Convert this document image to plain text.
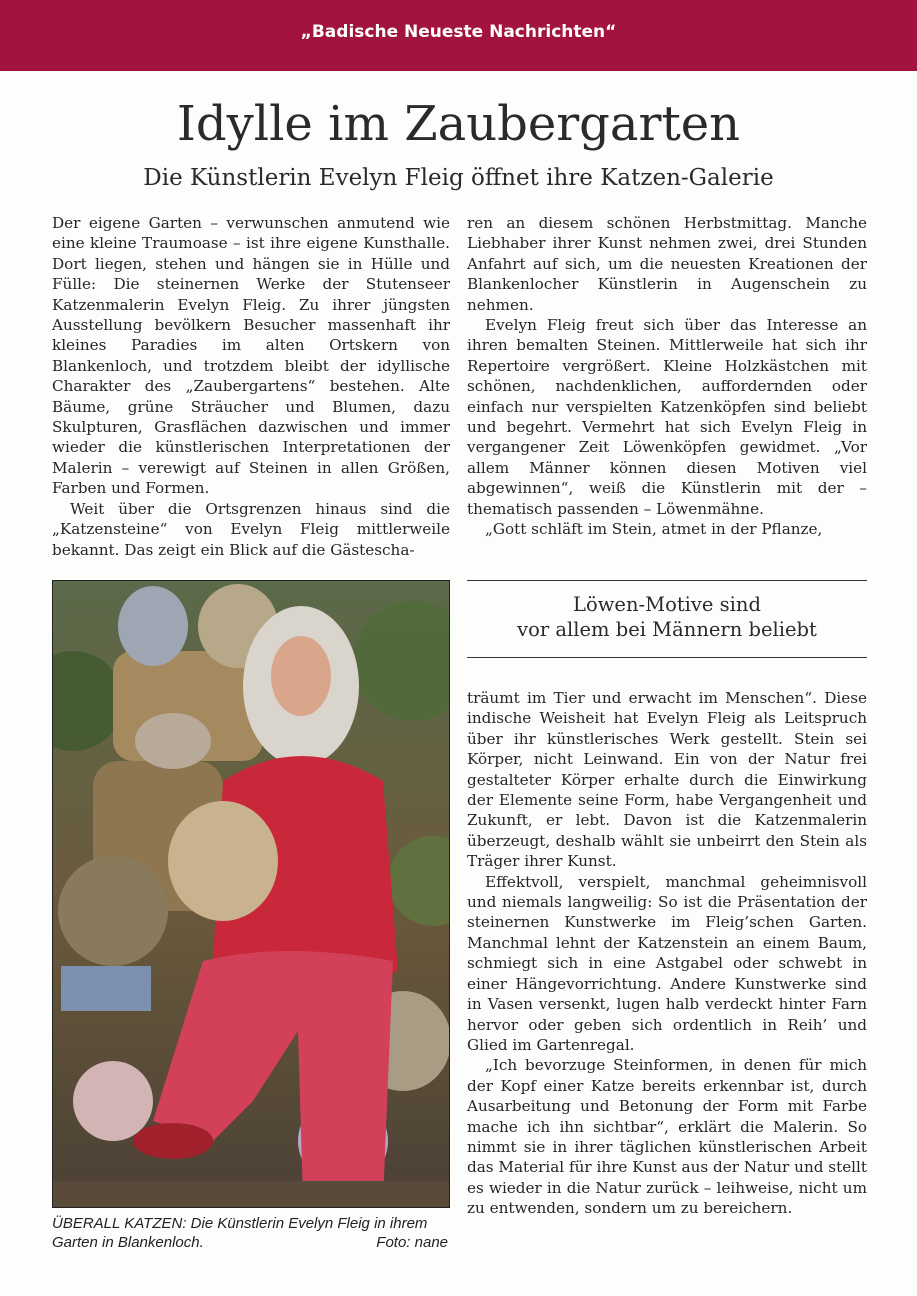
„Badische Neueste Nachrichten“
Idylle im Zaubergarten
Die Künstlerin Evelyn Fleig öffnet ihre Katzen-Galerie

Der eigene Garten – verwunschen anmutend wie eine kleine Traumoase – ist ihre eigene Kunsthalle. Dort liegen, stehen und hängen sie in Hülle und Fülle: Die steinernen Werke der Stutenseer Katzenmalerin Evelyn Fleig. Zu ihrer jüngsten Ausstellung bevölkern Besucher massenhaft ihr kleines Paradies im alten Ortskern von Blankenloch, und trotzdem bleibt der idyllische Charakter des „Zaubergartens“ bestehen. Alte Bäume, grüne Sträucher und Blumen, dazu Skulpturen, Grasflächen dazwischen und immer wieder die künstlerischen Interpretationen der Malerin – verewigt auf Steinen in allen Größen, Farben und Formen.

Weit über die Ortsgrenzen hinaus sind die „Katzensteine“ von Evelyn Fleig mittlerweile bekannt. Das zeigt ein Blick auf die Gästescha-

ren an diesem schönen Herbstmittag. Manche Liebhaber ihrer Kunst nehmen zwei, drei Stunden Anfahrt auf sich, um die neuesten Kreationen der Blankenlocher Künstlerin in Augenschein zu nehmen.

Evelyn Fleig freut sich über das Interesse an ihren bemalten Steinen. Mittlerweile hat sich ihr Repertoire vergrößert. Kleine Holzkästchen mit schönen, nachdenklichen, auffordernden oder einfach nur verspielten Katzenköpfen sind beliebt und begehrt. Vermehrt hat sich Evelyn Fleig in vergangener Zeit Löwenköpfen gewidmet. „Vor allem Männer können diesen Motiven viel abgewinnen“, weiß die Künstlerin mit der – thematisch passenden – Löwenmähne.

„Gott schläft im Stein, atmet in der Pflanze,

Löwen-Motive sind
vor allem bei Männern beliebt

träumt im Tier und erwacht im Menschen“. Diese indische Weisheit hat Evelyn Fleig als Leitspruch über ihr künstlerisches Werk gestellt. Stein sei Körper, nicht Leinwand. Ein von der Natur frei gestalteter Körper erhalte durch die Einwirkung der Elemente seine Form, habe Vergangenheit und Zukunft, er lebt. Davon ist die Katzenmalerin überzeugt, deshalb wählt sie unbeirrt den Stein als Träger ihrer Kunst.

Effektvoll, verspielt, manchmal geheimnisvoll und niemals langweilig: So ist die Präsentation der steinernen Kunstwerke im Fleig’schen Garten. Manchmal lehnt der Katzenstein an einem Baum, schmiegt sich in eine Astgabel oder schwebt in einer Hängevorrichtung. Andere Kunstwerke sind in Vasen versenkt, lugen halb verdeckt hinter Farn hervor oder geben sich ordentlich in Reih’ und Glied im Gartenregal.

„Ich bevorzuge Steinformen, in denen für mich der Kopf einer Katze bereits erkennbar ist, durch Ausarbeitung und Betonung der Form mit Farbe mache ich ihn sichtbar“, erklärt die Malerin. So nimmt sie in ihrer täglichen künstlerischen Arbeit das Material für ihre Kunst aus der Natur und stellt es wieder in die Natur zurück – leihweise, nicht um zu entwenden, sondern um zu bereichern.

ÜBERALL KATZEN: Die Künstlerin Evelyn Fleig in ihrem Garten in Blankenloch.	Foto: nane
